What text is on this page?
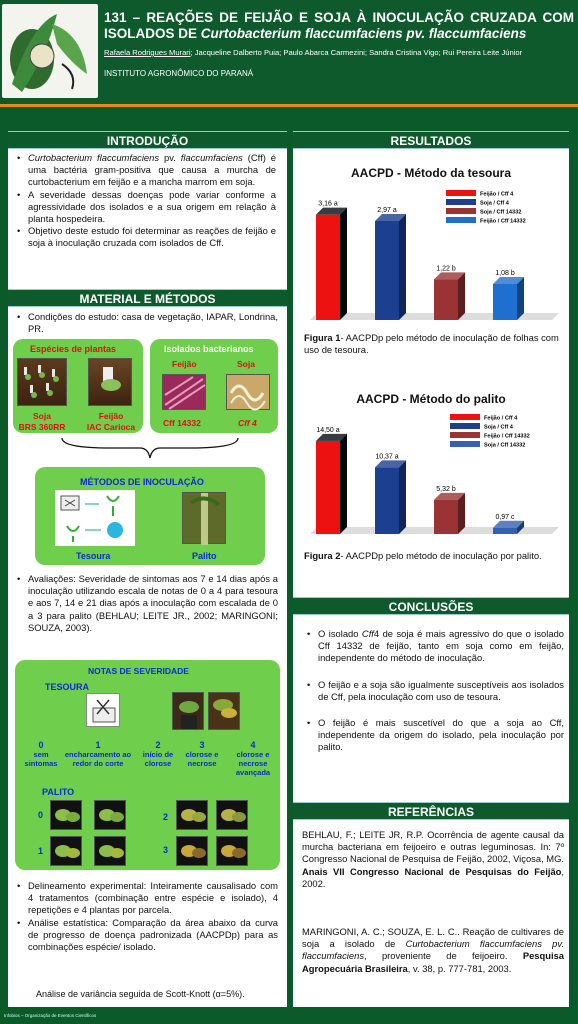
131 – REAÇÕES DE FEIJÃO E SOJA À INOCULAÇÃO CRUZADA COM ISOLADOS DE Curtobacterium flaccumfaciens pv. flaccumfaciens
Rafaela Rodrigues Murari; Jacqueline Dalberto Puia; Paulo Abarca Carmezini; Sandra Cristina Vigo; Rui Pereira Leite Júnior
INSTITUTO AGRONÔMICO DO PARANÁ
INTRODUÇÃO
• Curtobacterium flaccumfaciens pv. flaccumfaciens (Cff) é uma bactéria gram-positiva que causa a murcha de curtobacterium em feijão e a mancha marrom em soja.
• A severidade dessas doenças pode variar conforme a agressividade dos isolados e a sua origem em relação à planta hospedeira.
• Objetivo deste estudo foi determinar as reações de feijão e soja à inoculação cruzada com isolados de Cff.
MATERIAL E MÉTODOS
• Condições do estudo: casa de vegetação, IAPAR, Londrina, PR.
Espécies de plantas
Soja
BRS 360RR
Feijão
IAC Carioca
Isolados bacterianos
Feijão	Soja
Cff 14332	Cff 4
MÉTODOS DE INOCULAÇÃO
Tesoura	Palito
• Avaliações: Severidade de sintomas aos 7 e 14 dias após a inoculação utilizando escala de notas de 0 a 4 para tesoura e aos 7, 14 e 21 dias após a inoculação com escalada de 0 a 3 para palito (BEHLAU; LEITE JR., 2002; MARINGONI; SOUZA, 2003).
NOTAS DE SEVERIDADE
TESOURA
0
sem sintomas
1
encharcamento ao redor do corte
2
início de clorose
3
clorose e necrose
4
clorose e necrose avançada
PALITO
0
1
2
3
• Delineamento experimental: Inteiramente causalisado com 4 tratamentos (combinação entre espécie e isolado), 4 repetições e 4 plantas por parcela.
• Análise estatística: Comparação da área abaixo da curva de progresso de doença padronizada (AACPDp) para as combinações espécie/ isolado.
Análise de variância seguida de Scott-Knott (α=5%).
RESULTADOS
AACPD - Método da tesoura
3,16 a
2,97 a
1,22 b
1,08 b
Feijão / Cff 4
Soja / Cff 4
Soja / Cff 14332
Feijão / Cff 14332
Figura 1- AACPDp pelo método de inoculação de folhas com uso de tesoura.
AACPD - Método do palito
14,50 a
10,37 a
5,32 b
0,97 c
Feijão / Cff 4
Soja / Cff 4
Feijão / Cff 14332
Soja / Cff 14332
Figura 2- AACPDp pelo método de inoculação por palito.
CONCLUSÕES
• O isolado Cff4 de soja é mais agressivo do que o isolado Cff 14332 de feijão, tanto em soja como em feijão, independente do método de inoculação.
• O feijão e a soja são igualmente susceptíveis aos isolados de Cff, pela inoculação com uso de tesoura.
• O feijão é mais suscetível do que a soja ao Cff, independente da origem do isolado, pela inoculação por palito.
REFERÊNCIAS
BEHLAU, F.; LEITE JR, R.P. Ocorrência de agente causal da murcha bacteriana em feijoeiro e outras leguminosas. In: 7º Congresso Nacional de Pesquisa de Feijão, 2002, Viçosa, MG. Anais VII Congresso Nacional de Pesquisas do Feijão, 2002.
MARINGONI, A. C.; SOUZA, E. L. C.. Reação de cultivares de soja a isolado de Curtobacterium flaccumfaciens pv. flaccumfaciens, proveniente de feijoeiro. Pesquisa Agropecuária Brasileira, v. 38, p. 777-781, 2003.
Infobios – Organização de Eventos Científicos
